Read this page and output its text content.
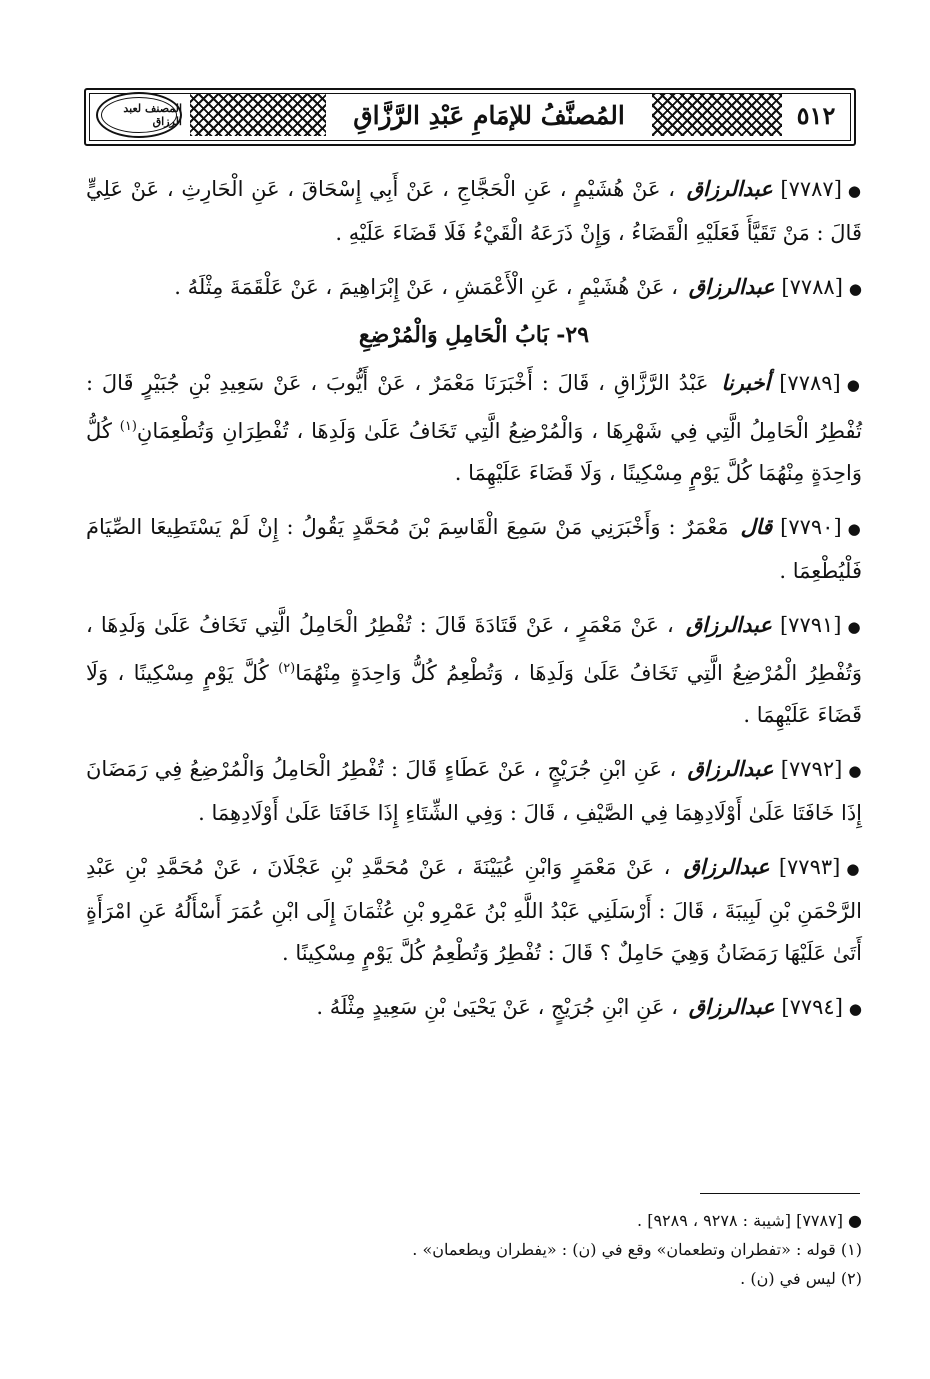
المصنف لعبد الرزاق	المُصنَّفُ للإمَامِ عَبْدِ الرَّزَّاقِ	٥١٢

●[٧٧٨٧] عبدالرزاق ، عَنْ هُشَيْمٍ ، عَنِ الْحَجَّاجِ ، عَنْ أَبِي إِسْحَاقَ ، عَنِ الْحَارِثِ ، عَنْ عَلِيٍّ قَالَ : مَنْ تَقَيَّأَ فَعَلَيْهِ الْقَضَاءُ ، وَإِنْ ذَرَعَهُ الْقَيْءُ فَلَا قَضَاءَ عَلَيْهِ .

●[٧٧٨٨] عبدالرزاق ، عَنْ هُشَيْمٍ ، عَنِ الْأَعْمَشِ ، عَنْ إِبْرَاهِيمَ ، عَنْ عَلْقَمَةَ مِثْلَهُ .

٢٩- بَابُ الْحَامِلِ وَالْمُرْضِعِ

●[٧٧٨٩] أخبرنا عَبْدُ الرَّزَّاقِ ، قَالَ : أَخْبَرَنَا مَعْمَرٌ ، عَنْ أَيُّوبَ ، عَنْ سَعِيدِ بْنِ جُبَيْرٍ قَالَ : تُفْطِرُ الْحَامِلُ الَّتِي فِي شَهْرِهَا ، وَالْمُرْضِعُ الَّتِي تَخَافُ عَلَىٰ وَلَدِهَا ، تُفْطِرَانِ وَتُطْعِمَانِ$^{(١)}$ كُلُّ وَاحِدَةٍ مِنْهُمَا كُلَّ يَوْمٍ مِسْكِينًا ، وَلَا قَضَاءَ عَلَيْهِمَا .

●[٧٧٩٠] قال مَعْمَرٌ : وَأَخْبَرَنِي مَنْ سَمِعَ الْقَاسِمَ بْنَ مُحَمَّدٍ يَقُولُ : إِنْ لَمْ يَسْتَطِيعَا الصِّيَامَ فَلْيُطْعِمَا .

●[٧٧٩١] عبدالرزاق ، عَنْ مَعْمَرٍ ، عَنْ قَتَادَةَ قَالَ : تُفْطِرُ الْحَامِلُ الَّتِي تَخَافُ عَلَىٰ وَلَدِهَا ، وَتُفْطِرُ الْمُرْضِعُ الَّتِي تَخَافُ عَلَىٰ وَلَدِهَا ، وَتُطْعِمُ كُلُّ وَاحِدَةٍ مِنْهُمَا$^{(٢)}$ كُلَّ يَوْمٍ مِسْكِينًا ، وَلَا قَضَاءَ عَلَيْهِمَا .

●[٧٧٩٢] عبدالرزاق ، عَنِ ابْنِ جُرَيْجٍ ، عَنْ عَطَاءٍ قَالَ : تُفْطِرُ الْحَامِلُ وَالْمُرْضِعُ فِي رَمَضَانَ إِذَا خَافَتَا عَلَىٰ أَوْلَادِهِمَا فِي الصَّيْفِ ، قَالَ : وَفِي الشِّتَاءِ إِذَا خَافَتَا عَلَىٰ أَوْلَادِهِمَا .

●[٧٧٩٣] عبدالرزاق ، عَنْ مَعْمَرٍ وَابْنِ عُيَيْنَةَ ، عَنْ مُحَمَّدِ بْنِ عَجْلَانَ ، عَنْ مُحَمَّدِ بْنِ عَبْدِ الرَّحْمَنِ بْنِ لَبِيبَةَ ، قَالَ : أَرْسَلَنِي عَبْدُ اللَّهِ بْنُ عَمْرِو بْنِ عُثْمَانَ إِلَى ابْنِ عُمَرَ أَسْأَلُهُ عَنِ امْرَأَةٍ أَتَىٰ عَلَيْهَا رَمَضَانُ وَهِيَ حَامِلٌ ؟ قَالَ : تُفْطِرُ وَتُطْعِمُ كُلَّ يَوْمٍ مِسْكِينًا .

●[٧٧٩٤] عبدالرزاق ، عَنِ ابْنِ جُرَيْجٍ ، عَنْ يَحْيَىٰ بْنِ سَعِيدٍ مِثْلَهُ .

● [٧٧٨٧] [شيبة : ٩٢٧٨ ، ٩٢٨٩] .
(١) قوله : «تفطران وتطعمان» وقع في (ن) : «يفطران ويطعمان» .
(٢) ليس في (ن) .
